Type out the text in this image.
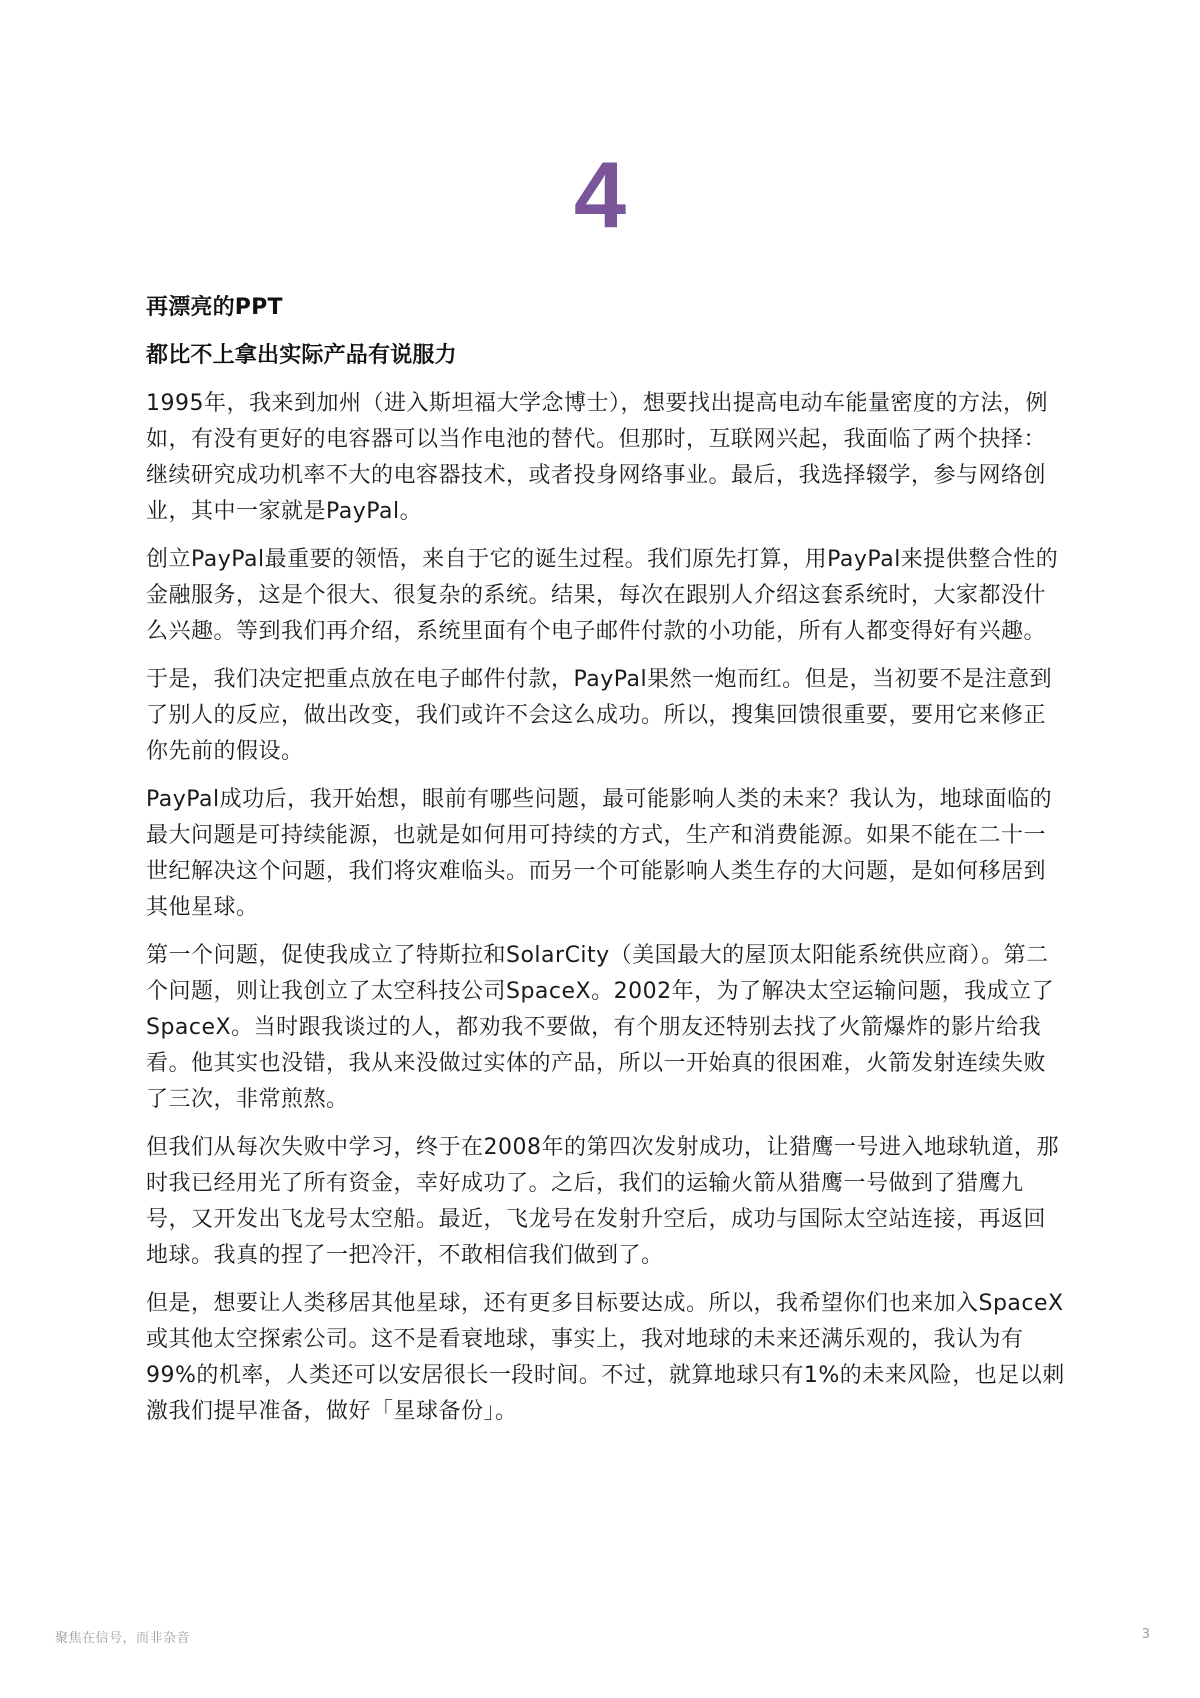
4

再漂亮的PPT

都比不上拿出实际产品有说服力

1995年，我来到加州（进入斯坦福大学念博士），想要找出提高电动车能量密度的方法，例如，有没有更好的电容器可以当作电池的替代。但那时，互联网兴起，我面临了两个抉择：继续研究成功机率不大的电容器技术，或者投身网络事业。最后，我选择辍学，参与网络创业，其中一家就是PayPal。

创立PayPal最重要的领悟，来自于它的诞生过程。我们原先打算，用PayPal来提供整合性的金融服务，这是个很大、很复杂的系统。结果，每次在跟别人介绍这套系统时，大家都没什么兴趣。等到我们再介绍，系统里面有个电子邮件付款的小功能，所有人都变得好有兴趣。

于是，我们决定把重点放在电子邮件付款，PayPal果然一炮而红。但是，当初要不是注意到了别人的反应，做出改变，我们或许不会这么成功。所以，搜集回馈很重要，要用它来修正你先前的假设。

PayPal成功后，我开始想，眼前有哪些问题，最可能影响人类的未来？我认为，地球面临的最大问题是可持续能源，也就是如何用可持续的方式，生产和消费能源。如果不能在二十一世纪解决这个问题，我们将灾难临头。而另一个可能影响人类生存的大问题，是如何移居到其他星球。

第一个问题，促使我成立了特斯拉和SolarCity（美国最大的屋顶太阳能系统供应商）。第二个问题，则让我创立了太空科技公司SpaceX。2002年，为了解决太空运输问题，我成立了SpaceX。当时跟我谈过的人，都劝我不要做，有个朋友还特别去找了火箭爆炸的影片给我看。他其实也没错，我从来没做过实体的产品，所以一开始真的很困难，火箭发射连续失败了三次，非常煎熬。

但我们从每次失败中学习，终于在2008年的第四次发射成功，让猎鹰一号进入地球轨道，那时我已经用光了所有资金，幸好成功了。之后，我们的运输火箭从猎鹰一号做到了猎鹰九号，又开发出飞龙号太空船。最近，飞龙号在发射升空后，成功与国际太空站连接，再返回地球。我真的捏了一把冷汗，不敢相信我们做到了。

但是，想要让人类移居其他星球，还有更多目标要达成。所以，我希望你们也来加入SpaceX或其他太空探索公司。这不是看衰地球，事实上，我对地球的未来还满乐观的，我认为有99%的机率，人类还可以安居很长一段时间。不过，就算地球只有1%的未来风险，也足以刺激我们提早准备，做好「星球备份」。

聚焦在信号，而非杂音	3
